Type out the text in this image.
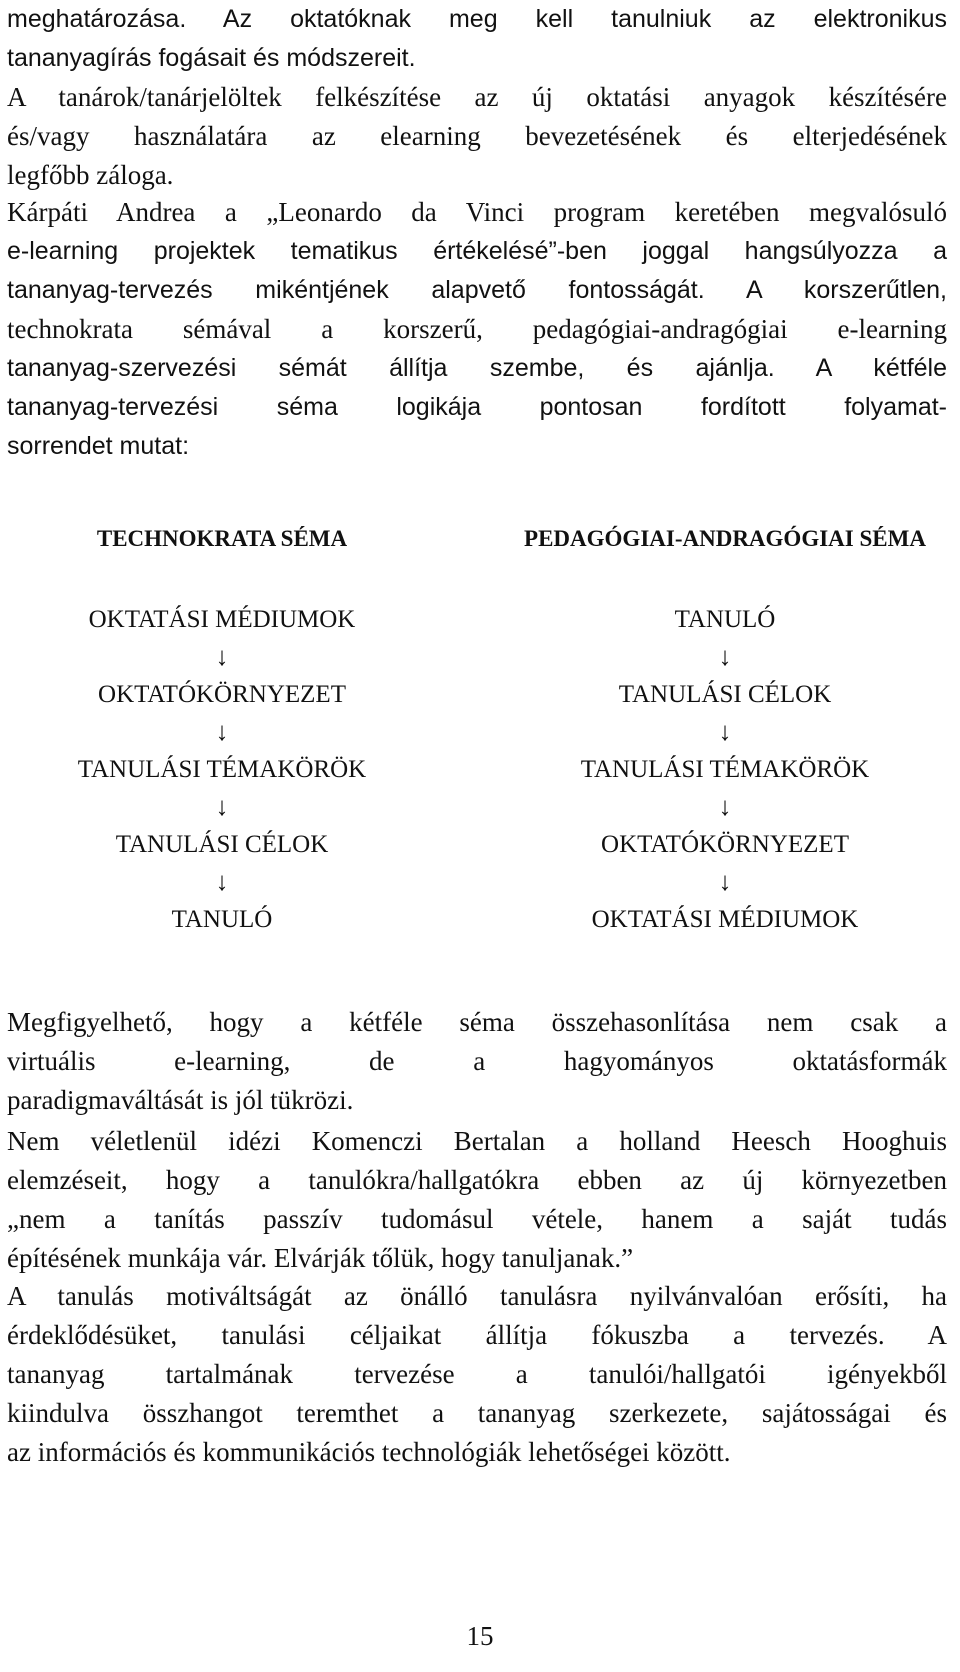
meghatározása. Az oktatóknak meg kell tanulniuk az elektronikus
tananyagírás fogásait és módszereit.
A tanárok/tanárjelöltek felkészítése az új oktatási anyagok készítésére
és/vagy használatára az elearning bevezetésének és elterjedésének
legfőbb záloga.
Kárpáti Andrea a „Leonardo da Vinci program keretében megvalósuló
e-learning projektek tematikus értékelésé”-ben joggal hangsúlyozza a
tananyag-tervezés mikéntjének alapvető fontosságát. A korszerűtlen,
technokrata sémával a korszerű, pedagógiai-andragógiai e-learning
tananyag-szervezési sémát állítja szembe, és ajánlja. A kétféle
tananyag-tervezési séma logikája pontosan fordított folyamat-
sorrendet mutat:
TECHNOKRATA SÉMA
OKTATÁSI MÉDIUMOK
↓
OKTATÓKÖRNYEZET
↓
TANULÁSI TÉMAKÖRÖK
↓
TANULÁSI CÉLOK
↓
TANULÓ
PEDAGÓGIAI-ANDRAGÓGIAI SÉMA
TANULÓ
↓
TANULÁSI CÉLOK
↓
TANULÁSI TÉMAKÖRÖK
↓
OKTATÓKÖRNYEZET
↓
OKTATÁSI MÉDIUMOK
Megfigyelhető, hogy a kétféle séma összehasonlítása nem csak a
virtuális e-learning, de a hagyományos oktatásformák
paradigmaváltását is jól tükrözi.
Nem véletlenül idézi Komenczi Bertalan a holland Heesch Hooghuis
elemzéseit, hogy a tanulókra/hallgatókra ebben az új környezetben
„nem a tanítás passzív tudomásul vétele, hanem a saját tudás
építésének munkája vár. Elvárják tőlük, hogy tanuljanak.”
A tanulás motiváltságát az önálló tanulásra nyilvánvalóan erősíti, ha
érdeklődésüket, tanulási céljaikat állítja fókuszba a tervezés. A
tananyag tartalmának tervezése a tanulói/hallgatói igényekből
kiindulva összhangot teremthet a tananyag szerkezete, sajátosságai és
az információs és kommunikációs technológiák lehetőségei között.
15
